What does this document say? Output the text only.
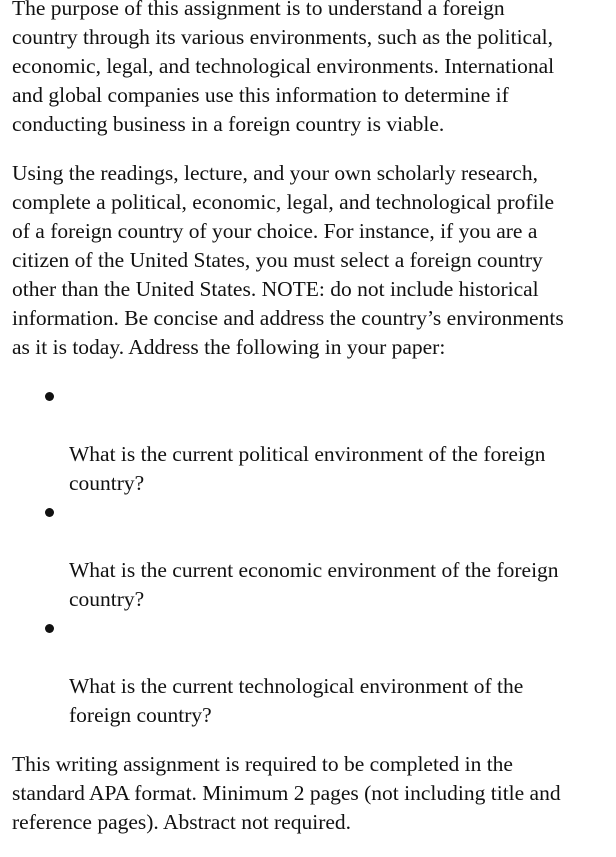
The purpose of this assignment is to understand a foreign
country through its various environments, such as the political,
economic, legal, and technological environments. International
and global companies use this information to determine if
conducting business in a foreign country is viable.

Using the readings, lecture, and your own scholarly research,
complete a political, economic, legal, and technological profile
of a foreign country of your choice. For instance, if you are a
citizen of the United States, you must select a foreign country
other than the United States. NOTE: do not include historical
information. Be concise and address the country’s environments
as it is today. Address the following in your paper:

What is the current political environment of the foreign
country?

What is the current economic environment of the foreign
country?

What is the current technological environment of the
foreign country?

This writing assignment is required to be completed in the
standard APA format. Minimum 2 pages (not including title and
reference pages). Abstract not required.
